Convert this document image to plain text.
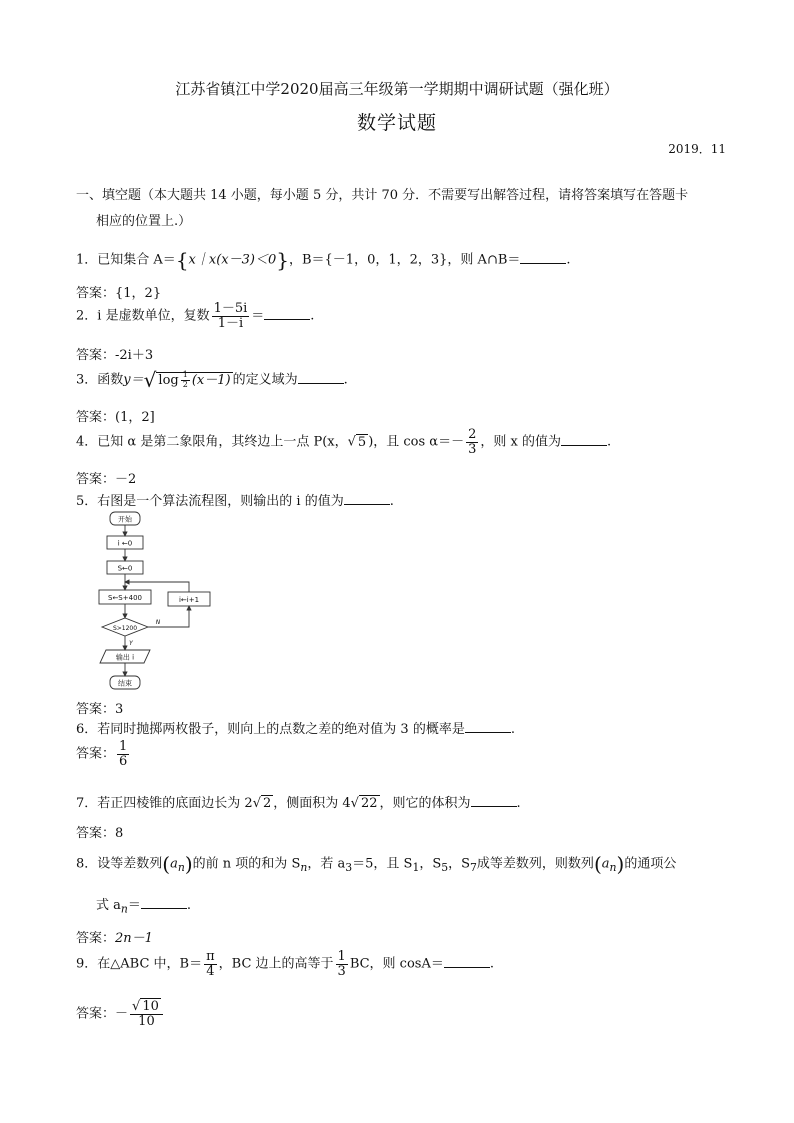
江苏省镇江中学2020届高三年级第一学期期中调研试题（强化班）
数学试题
2019．11
一、填空题（本大题共 14 小题，每小题 5 分，共计 70 分．不需要写出解答过程，请将答案填写在答题卡
相应的位置上.）
1．已知集合 A＝{x｜x(x－3)＜0}，B＝{－1，0，1，2，3}，则 A∩B＝	.
答案：{1，2}
2．i 是虚数单位，复数 $\frac{1-5i}{1-i}$ ＝	.
答案：-2i＋3
3．函数y＝√ $\log \frac{1}{2} (x-1)$ 的定义域为	.
答案：(1，2]
4．已知 α 是第二象限角，其终边上一点 P(x，√ 5 )，且 $\cos \alpha=- \frac{2}{3}$ ，则 x 的值为	.
答案：－2
5．右图是一个算法流程图，则输出的 i 的值为	.
开始
i ←0
S←0
S←S+400	i←i+1
S>1200
N
Y
输出 i
结束
答案：3
6．若同时抛掷两枚骰子，则向上的点数之差的绝对值为 3 的概率是	.
答案： $\frac{1}{6}$
7．若正四棱锥的底面边长为 2√ 2 ，侧面积为 4√ 22 ，则它的体积为	.
答案：8
8．设等差数列$(a_n)$的前 n 项的和为 $S_n$，若 $a_3=5$，且 $S_1$，$S_5$，$S_7$成等差数列，则数列$(a_n)$的通项公
式 $a_n=$	.
答案：2n－1
9．在△ABC 中，$B= \frac{\pi}{4}$ ，BC 边上的高等于 $\frac{1}{3}$ BC，则 cosA＝	.
答案：－ $\frac{√ 10}{10}$
